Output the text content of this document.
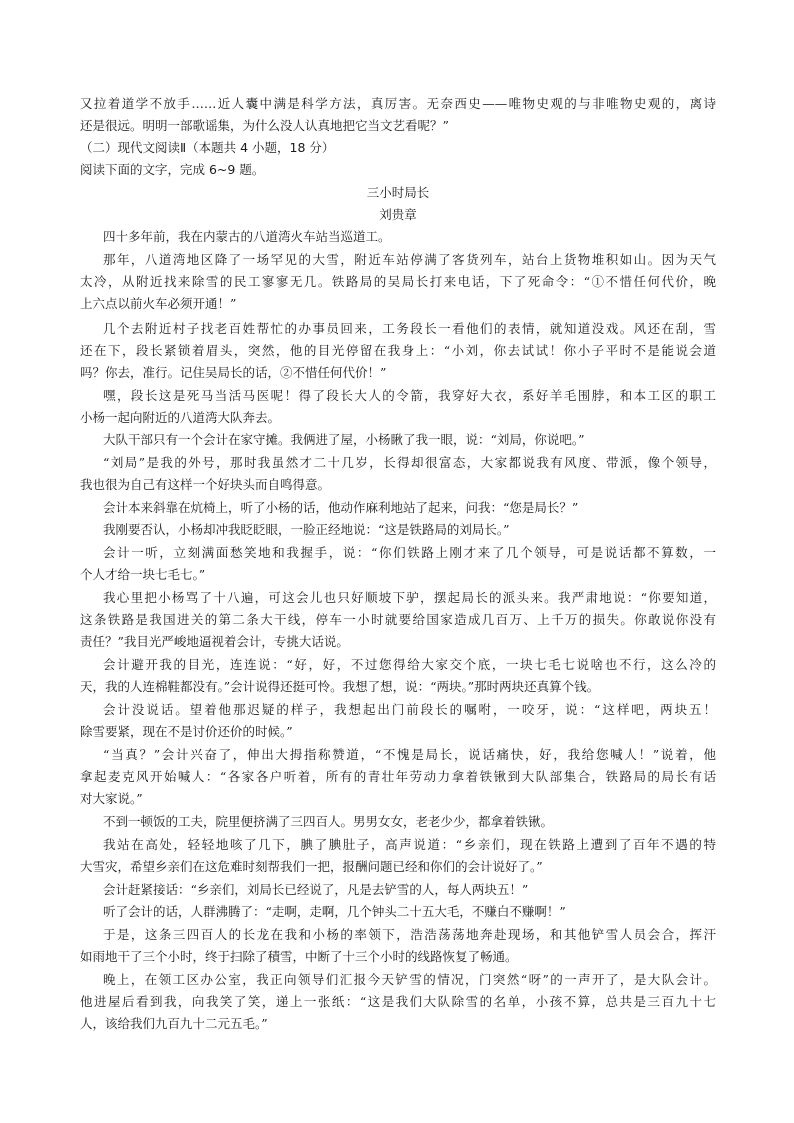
又拉着道学不放手……近人囊中满是科学方法，真厉害。无奈西史——唯物史观的与非唯物史观的，离诗
还是很远。明明一部歌谣集，为什么没人认真地把它当文艺看呢？”
（二）现代文阅读Ⅱ（本题共 4 小题，18 分）
阅读下面的文字，完成 6~9 题。
三小时局长
刘贵章
四十多年前，我在内蒙古的八道湾火车站当巡道工。
那年，八道湾地区降了一场罕见的大雪，附近车站停满了客货列车，站台上货物堆积如山。因为天气
太冷，从附近找来除雪的民工寥寥无几。铁路局的吴局长打来电话，下了死命令：“①不惜任何代价，晚
上六点以前火车必须开通！”
几个去附近村子找老百姓帮忙的办事员回来，工务段长一看他们的表情，就知道没戏。风还在刮，雪
还在下，段长紧锁着眉头，突然，他的目光停留在我身上：“小刘，你去试试！你小子平时不是能说会道
吗？你去，准行。记住吴局长的话，②不惜任何代价！”
嘿，段长这是死马当活马医呢！得了段长大人的令箭，我穿好大衣，系好羊毛围脖，和本工区的职工
小杨一起向附近的八道湾大队奔去。
大队干部只有一个会计在家守摊。我俩进了屋，小杨瞅了我一眼，说：“刘局，你说吧。”
“刘局”是我的外号，那时我虽然才二十几岁，长得却很富态，大家都说我有风度、带派，像个领导，
我也很为自己有这样一个好块头而自鸣得意。
会计本来斜靠在炕椅上，听了小杨的话，他动作麻利地站了起来，问我：“您是局长？”
我刚要否认，小杨却冲我眨眨眼，一脸正经地说：“这是铁路局的刘局长。”
会计一听，立刻满面愁笑地和我握手，说：“你们铁路上刚才来了几个领导，可是说话都不算数，一
个人才给一块七毛七。”
我心里把小杨骂了十八遍，可这会儿也只好顺坡下驴，摆起局长的派头来。我严肃地说：“你要知道，
这条铁路是我国进关的第二条大干线，停车一小时就要给国家造成几百万、上千万的损失。你敢说你没有
责任？”我目光严峻地逼视着会计，专挑大话说。
会计避开我的目光，连连说：“好，好，不过您得给大家交个底，一块七毛七说啥也不行，这么冷的
天，我的人连棉鞋都没有。”会计说得还挺可怜。我想了想，说：“两块。”那时两块还真算个钱。
会计没说话。望着他那迟疑的样子，我想起出门前段长的嘱咐，一咬牙，说：“这样吧，两块五！
除雪要紧，现在不是讨价还价的时候。”
“当真？”会计兴奋了，伸出大拇指称赞道，“不愧是局长，说话痛快，好，我给您喊人！”说着，他
拿起麦克风开始喊人：“各家各户听着，所有的青壮年劳动力拿着铁锹到大队部集合，铁路局的局长有话
对大家说。”
不到一顿饭的工夫，院里便挤满了三四百人。男男女女，老老少少，都拿着铁锹。
我站在高处，轻轻地咳了几下，腆了腆肚子，高声说道：“乡亲们，现在铁路上遭到了百年不遇的特
大雪灾，希望乡亲们在这危难时刻帮我们一把，报酬问题已经和你们的会计说好了。”
会计赶紧接话：“乡亲们，刘局长已经说了，凡是去铲雪的人，每人两块五！”
听了会计的话，人群沸腾了：“走啊，走啊，几个钟头二十五大毛，不赚白不赚啊！”
于是，这条三四百人的长龙在我和小杨的率领下，浩浩荡荡地奔赴现场，和其他铲雪人员会合，挥汗
如雨地干了三个小时，终于扫除了積雪，中断了十三个小时的线路恢复了畅通。
晚上，在领工区办公室，我正向领导们汇报今天铲雪的情况，门突然“呀”的一声开了，是大队会计。
他进屋后看到我，向我笑了笑，递上一张纸：“这是我们大队除雪的名单，小孩不算，总共是三百九十七
人，该给我们九百九十二元五毛。”
